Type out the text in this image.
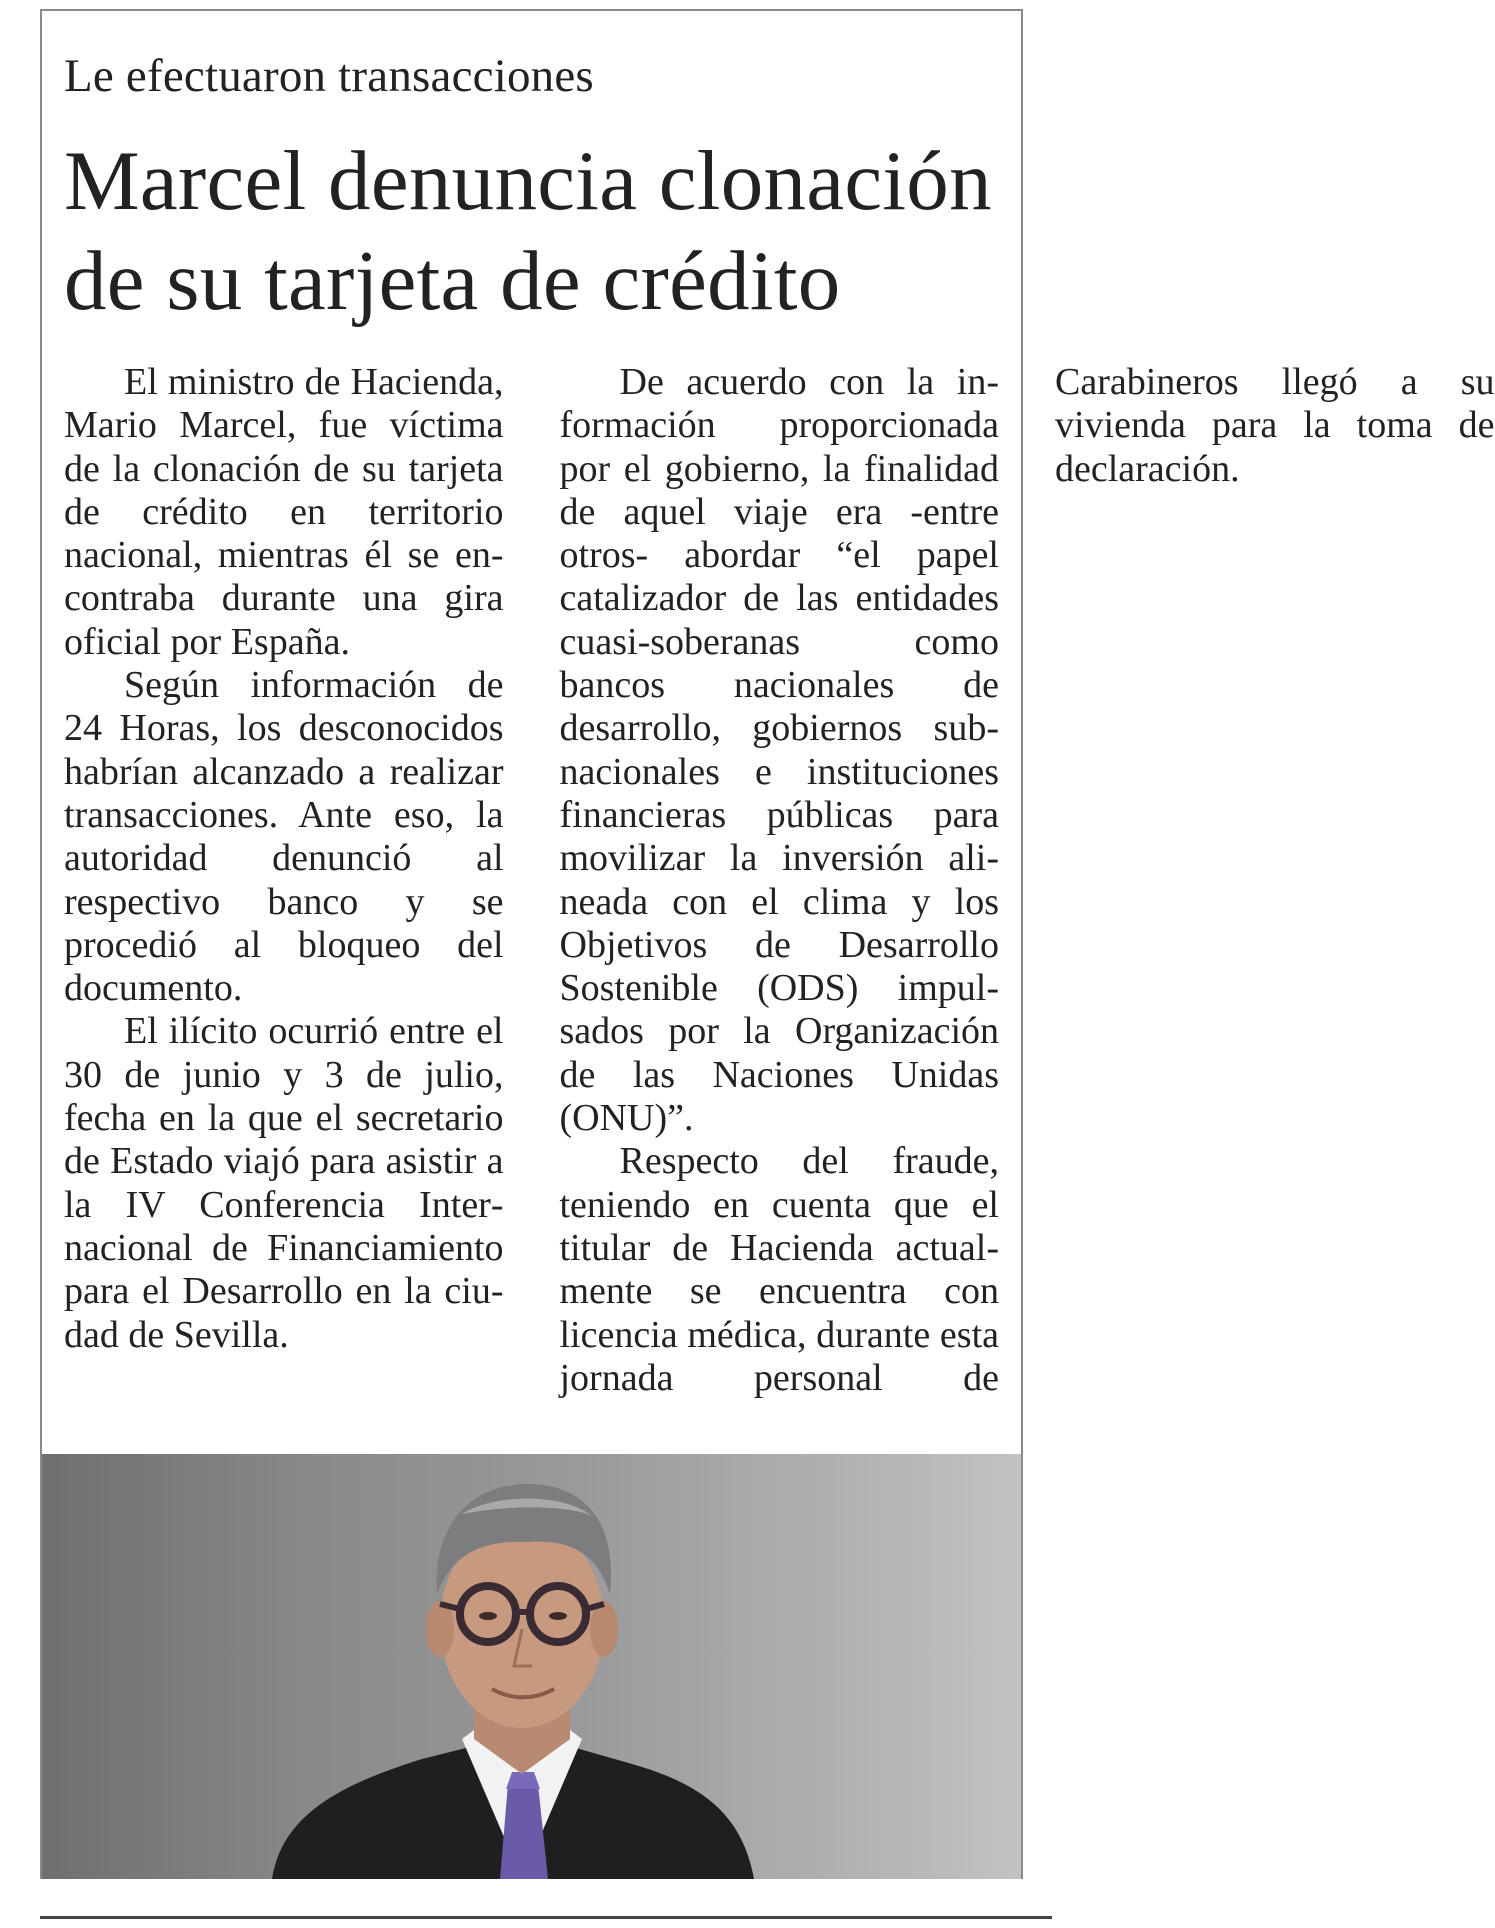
Le efectuaron transacciones
Marcel denuncia clonación
de su tarjeta de crédito

El ministro de Hacienda, Mario Marcel, fue víctima de la clonación de su tarjeta de crédito en territorio nacional, mientras él se encontraba durante una gira oficial por España.

Según información de 24 Horas, los desconocidos habrían alcanzado a realizar transacciones. Ante eso, la autoridad denunció al respectivo banco y se procedió al bloqueo del documento.

El ilícito ocurrió entre el 30 de junio y 3 de julio, fecha en la que el secretario de Estado viajó para asistir a la IV Conferencia Internacional de Financiamiento para el Desarrollo en la ciudad de Sevilla.

De acuerdo con la información proporcionada por el gobierno, la finalidad de aquel viaje era -entre otros- abordar “el papel catalizador de las entidades cuasi-soberanas como bancos nacionales de desarrollo, gobiernos subnacionales e instituciones financieras públicas para movilizar la inversión alineada con el clima y los Objetivos de Desarrollo Sostenible (ODS) impulsados por la Organización de las Naciones Unidas (ONU)”.

Respecto del fraude, teniendo en cuenta que el titular de Hacienda actualmente se encuentra con licencia médica, durante esta jornada personal de Carabineros llegó a su vivienda para la toma de declaración.
